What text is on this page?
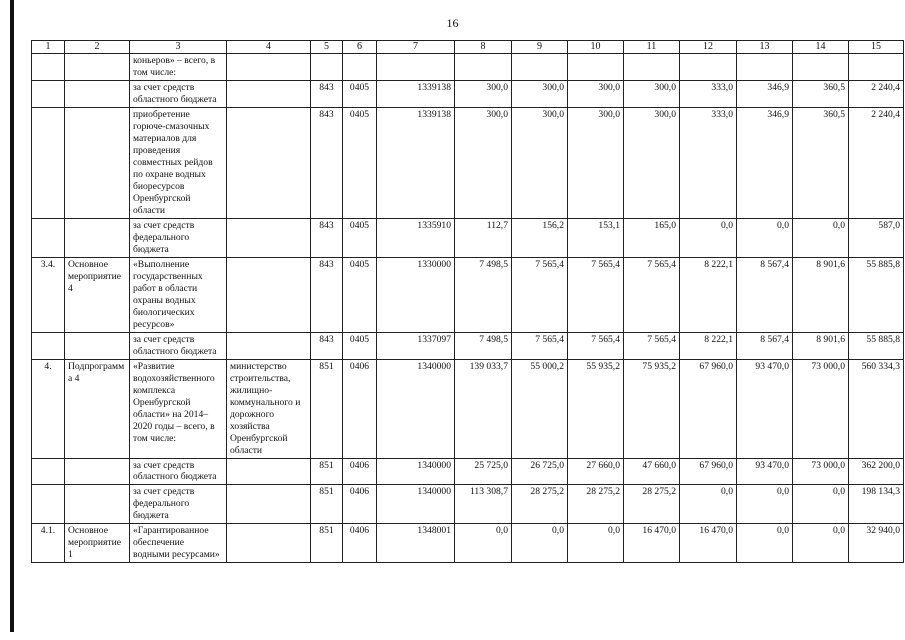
16
1	2	3	4	5	6	7	8	9	10	11	12	13	14	15
		коньеров» – всего, в том числе:												
		за счет средств областного бюджета		843	0405	1339138	300,0	300,0	300,0	300,0	333,0	346,9	360,5	2 240,4
		приобретение горюче-смазочных материалов для проведения совместных рейдов по охране водных биоресурсов Оренбургской области		843	0405	1339138	300,0	300,0	300,0	300,0	333,0	346,9	360,5	2 240,4
		за счет средств федерального бюджета		843	0405	1335910	112,7	156,2	153,1	165,0	0,0	0,0	0,0	587,0
3.4.	Основное мероприятие 4	«Выполнение государственных работ в области охраны водных биологических ресурсов»		843	0405	1330000	7 498,5	7 565,4	7 565,4	7 565,4	8 222,1	8 567,4	8 901,6	55 885,8
		за счет средств областного бюджета		843	0405	1337097	7 498,5	7 565,4	7 565,4	7 565,4	8 222,1	8 567,4	8 901,6	55 885,8
4.	Подпрограмма 4	«Развитие водохозяйственного комплекса Оренбургской области» на 2014–2020 годы – всего, в том числе:	министерство строительства, жилищно-коммунального и дорожного хозяйства Оренбургской области	851	0406	1340000	139 033,7	55 000,2	55 935,2	75 935,2	67 960,0	93 470,0	73 000,0	560 334,3
		за счет средств областного бюджета		851	0406	1340000	25 725,0	26 725,0	27 660,0	47 660,0	67 960,0	93 470,0	73 000,0	362 200,0
		за счет средств федерального бюджета		851	0406	1340000	113 308,7	28 275,2	28 275,2	28 275,2	0,0	0,0	0,0	198 134,3
4.1.	Основное мероприятие 1	«Гарантированное обеспечение водными ресурсами»		851	0406	1348001	0,0	0,0	0,0	16 470,0	16 470,0	0,0	0,0	32 940,0
